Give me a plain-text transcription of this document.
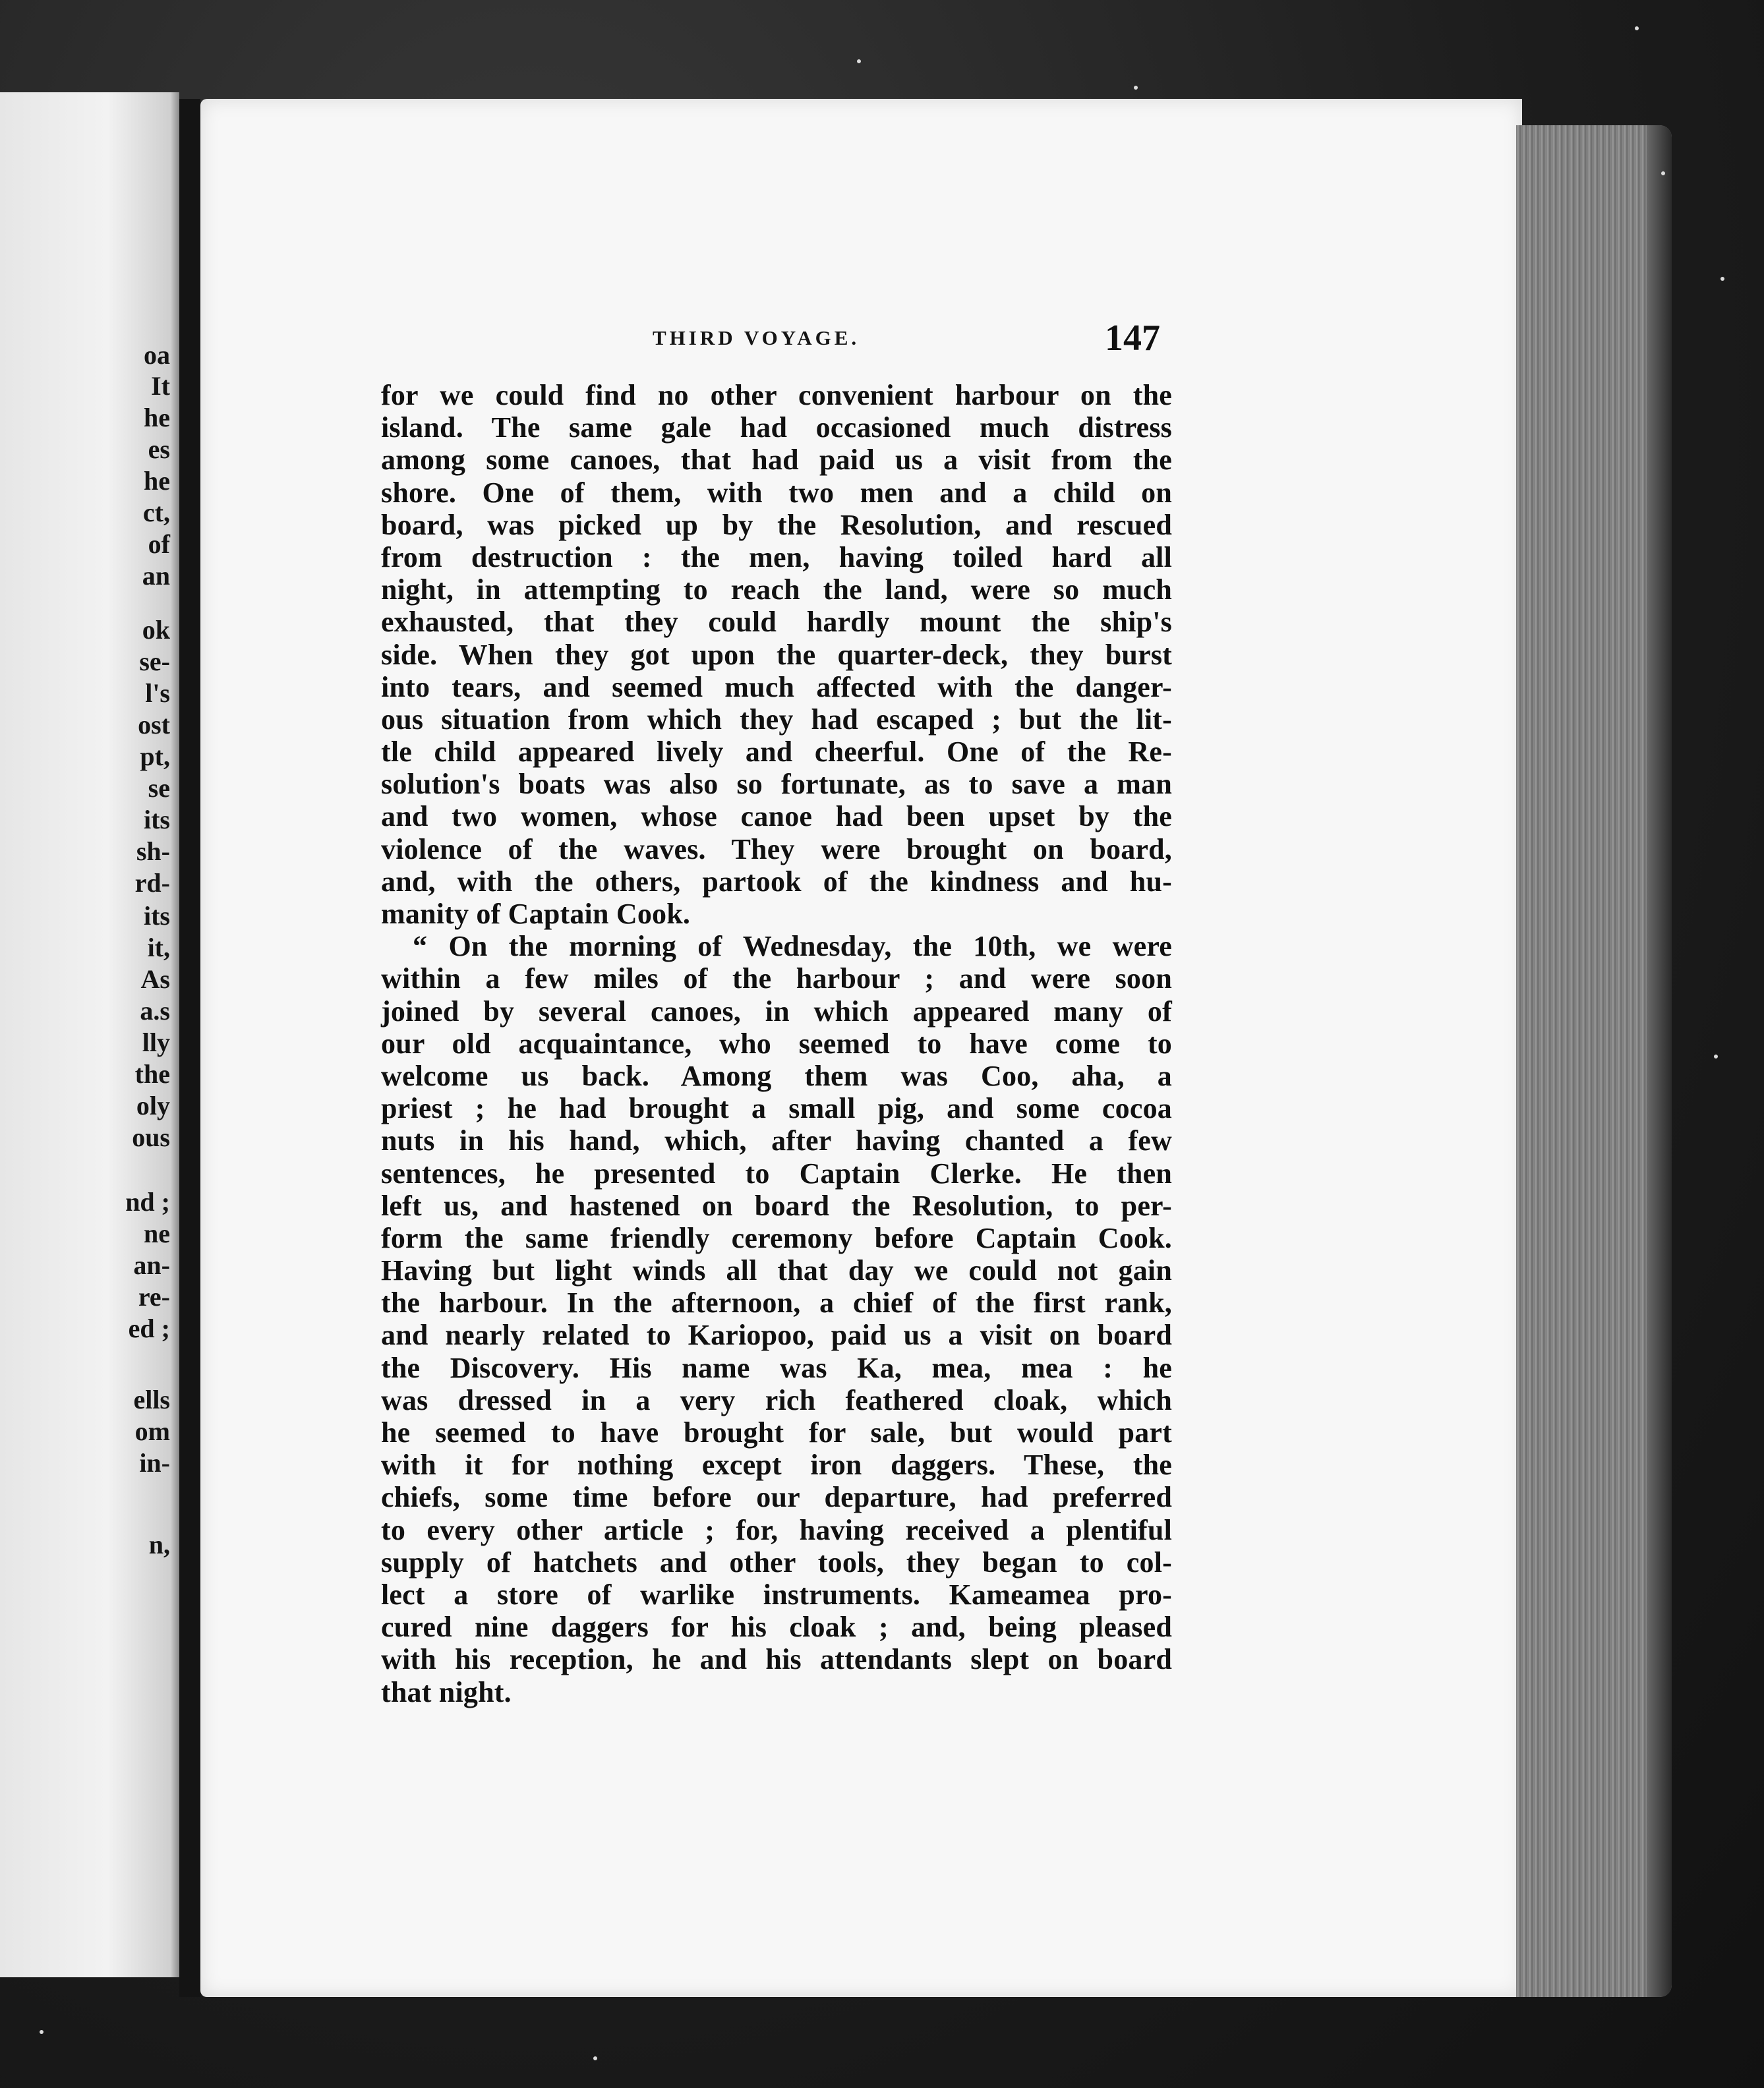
oa
It
he
es
he
ct,
of
an
ok
se-
l's
ost
pt,
se
its
sh-
rd-
its
it,
As
a.s
lly
the
oly
ous
nd ;
ne
an-
re-
ed ;
ells
om
in-
n,
THIRD VOYAGE.	147
for we could find no other convenient harbour on the
island. The same gale had occasioned much distress
among some canoes, that had paid us a visit from the
shore. One of them, with two men and a child on
board, was picked up by the Resolution, and rescued
from destruction : the men, having toiled hard all
night, in attempting to reach the land, were so much
exhausted, that they could hardly mount the ship's
side. When they got upon the quarter-deck, they burst
into tears, and seemed much affected with the danger-
ous situation from which they had escaped ; but the lit-
tle child appeared lively and cheerful. One of the Re-
solution's boats was also so fortunate, as to save a man
and two women, whose canoe had been upset by the
violence of the waves. They were brought on board,
and, with the others, partook of the kindness and hu-
manity of Captain Cook.
“ On the morning of Wednesday, the 10th, we were
within a few miles of the harbour ; and were soon
joined by several canoes, in which appeared many of
our old acquaintance, who seemed to have come to
welcome us back. Among them was Coo, aha, a
priest ; he had brought a small pig, and some cocoa
nuts in his hand, which, after having chanted a few
sentences, he presented to Captain Clerke. He then
left us, and hastened on board the Resolution, to per-
form the same friendly ceremony before Captain Cook.
Having but light winds all that day we could not gain
the harbour. In the afternoon, a chief of the first rank,
and nearly related to Kariopoo, paid us a visit on board
the Discovery. His name was Ka, mea, mea : he
was dressed in a very rich feathered cloak, which
he seemed to have brought for sale, but would part
with it for nothing except iron daggers. These, the
chiefs, some time before our departure, had preferred
to every other article ; for, having received a plentiful
supply of hatchets and other tools, they began to col-
lect a store of warlike instruments. Kameamea pro-
cured nine daggers for his cloak ; and, being pleased
with his reception, he and his attendants slept on board
that night.
